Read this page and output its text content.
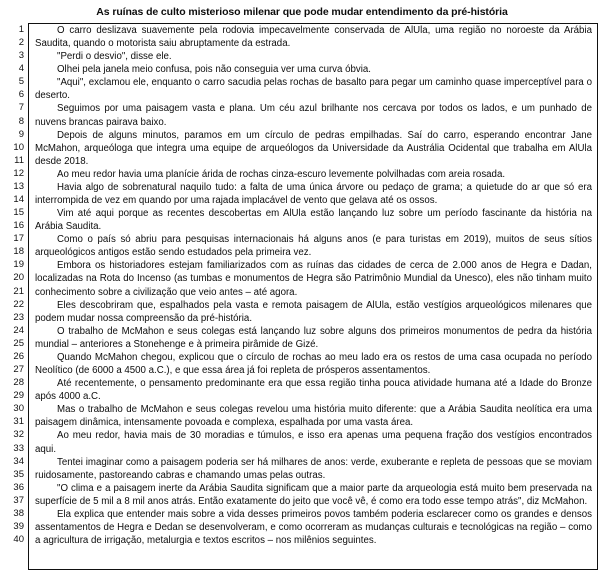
As ruínas de culto misterioso milenar que pode mudar entendimento da pré-história
1
2
3
4
5
6
7
8
9
10
11
12
13
14
15
16
17
18
19
20
21
22
23
24
25
26
27
28
29
30
31
32
33
34
35
36
37
38
39
40

O carro deslizava suavemente pela rodovia impecavelmente conservada de AlUla, uma região no noroeste da Arábia Saudita, quando o motorista saiu abruptamente da estrada.

"Perdi o desvio", disse ele.

Olhei pela janela meio confusa, pois não conseguia ver uma curva óbvia.

"Aqui", exclamou ele, enquanto o carro sacudia pelas rochas de basalto para pegar um caminho quase imperceptível para o deserto.

Seguimos por uma paisagem vasta e plana. Um céu azul brilhante nos cercava por todos os lados, e um punhado de nuvens brancas pairava baixo.

Depois de alguns minutos, paramos em um círculo de pedras empilhadas. Saí do carro, esperando encontrar Jane McMahon, arqueóloga que integra uma equipe de arqueólogos da Universidade da Austrália Ocidental que trabalha em AlUla desde 2018.

Ao meu redor havia uma planície árida de rochas cinza-escuro levemente polvilhadas com areia rosada.

Havia algo de sobrenatural naquilo tudo: a falta de uma única árvore ou pedaço de grama; a quietude do ar que só era interrompida de vez em quando por uma rajada implacável de vento que gelava até os ossos.

Vim até aqui porque as recentes descobertas em AlUla estão lançando luz sobre um período fascinante da história na Arábia Saudita.

Como o país só abriu para pesquisas internacionais há alguns anos (e para turistas em 2019), muitos de seus sítios arqueológicos antigos estão sendo estudados pela primeira vez.

Embora os historiadores estejam familiarizados com as ruínas das cidades de cerca de 2.000 anos de Hegra e Dadan, localizadas na Rota do Incenso (as tumbas e monumentos de Hegra são Patrimônio Mundial da Unesco), eles não tinham muito conhecimento sobre a civilização que veio antes – até agora.

Eles descobriram que, espalhados pela vasta e remota paisagem de AlUla, estão vestígios arqueológicos milenares que podem mudar nossa compreensão da pré-história.

O trabalho de McMahon e seus colegas está lançando luz sobre alguns dos primeiros monumentos de pedra da história mundial – anteriores a Stonehenge e à primeira pirâmide de Gizé.

Quando McMahon chegou, explicou que o círculo de rochas ao meu lado era os restos de uma casa ocupada no período Neolítico (de 6000 a 4500 a.C.), e que essa área já foi repleta de prósperos assentamentos.

Até recentemente, o pensamento predominante era que essa região tinha pouca atividade humana até a Idade do Bronze após 4000 a.C.

Mas o trabalho de McMahon e seus colegas revelou uma história muito diferente: que a Arábia Saudita neolítica era uma paisagem dinâmica, intensamente povoada e complexa, espalhada por uma vasta área.

Ao meu redor, havia mais de 30 moradias e túmulos, e isso era apenas uma pequena fração dos vestígios encontrados aqui.

Tentei imaginar como a paisagem poderia ser há milhares de anos: verde, exuberante e repleta de pessoas que se moviam ruidosamente, pastoreando cabras e chamando umas pelas outras.

"O clima e a paisagem inerte da Arábia Saudita significam que a maior parte da arqueologia está muito bem preservada na superfície de 5 mil a 8 mil anos atrás. Então exatamente do jeito que você vê, é como era todo esse tempo atrás", diz McMahon.

Ela explica que entender mais sobre a vida desses primeiros povos também poderia esclarecer como os grandes e densos assentamentos de Hegra e Dedan se desenvolveram, e como ocorreram as mudanças culturais e tecnológicas na região – como a agricultura de irrigação, metalurgia e textos escritos – nos milênios seguintes.
